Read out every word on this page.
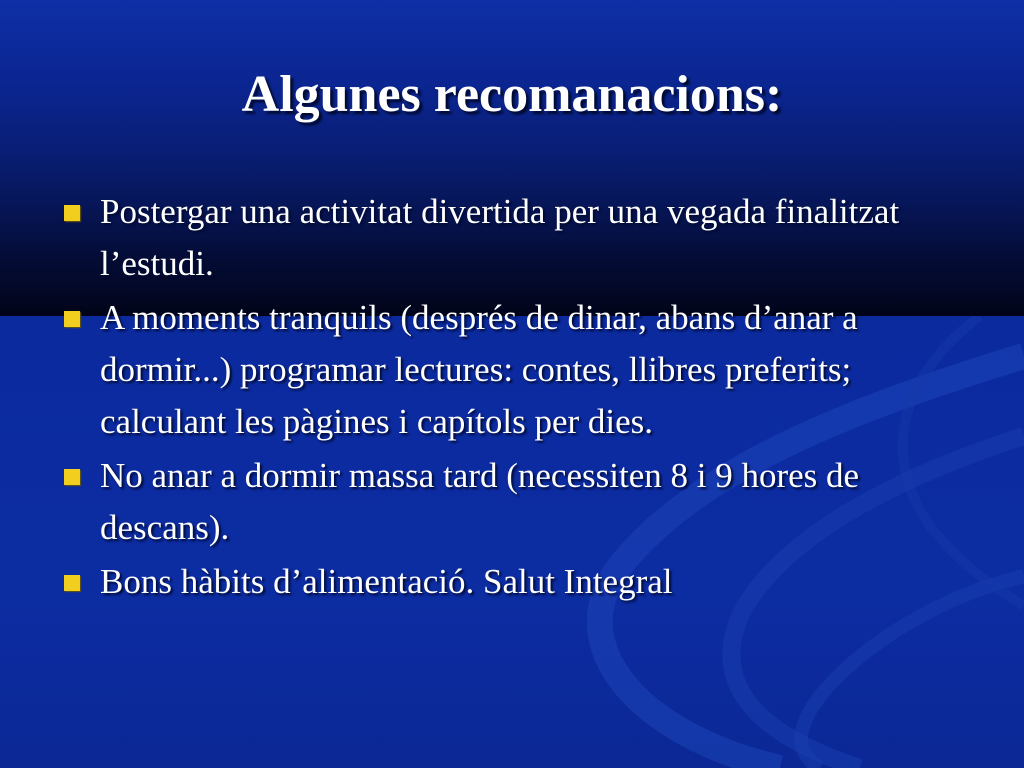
Algunes recomanacions:
Postergar una activitat divertida per una vegada finalitzat l’estudi.
A moments tranquils (després de dinar, abans d’anar a dormir...) programar lectures: contes, llibres preferits; calculant les pàgines i capítols per dies.
No anar a dormir massa tard (necessiten 8 i 9 hores de descans).
Bons hàbits d’alimentació. Salut Integral
